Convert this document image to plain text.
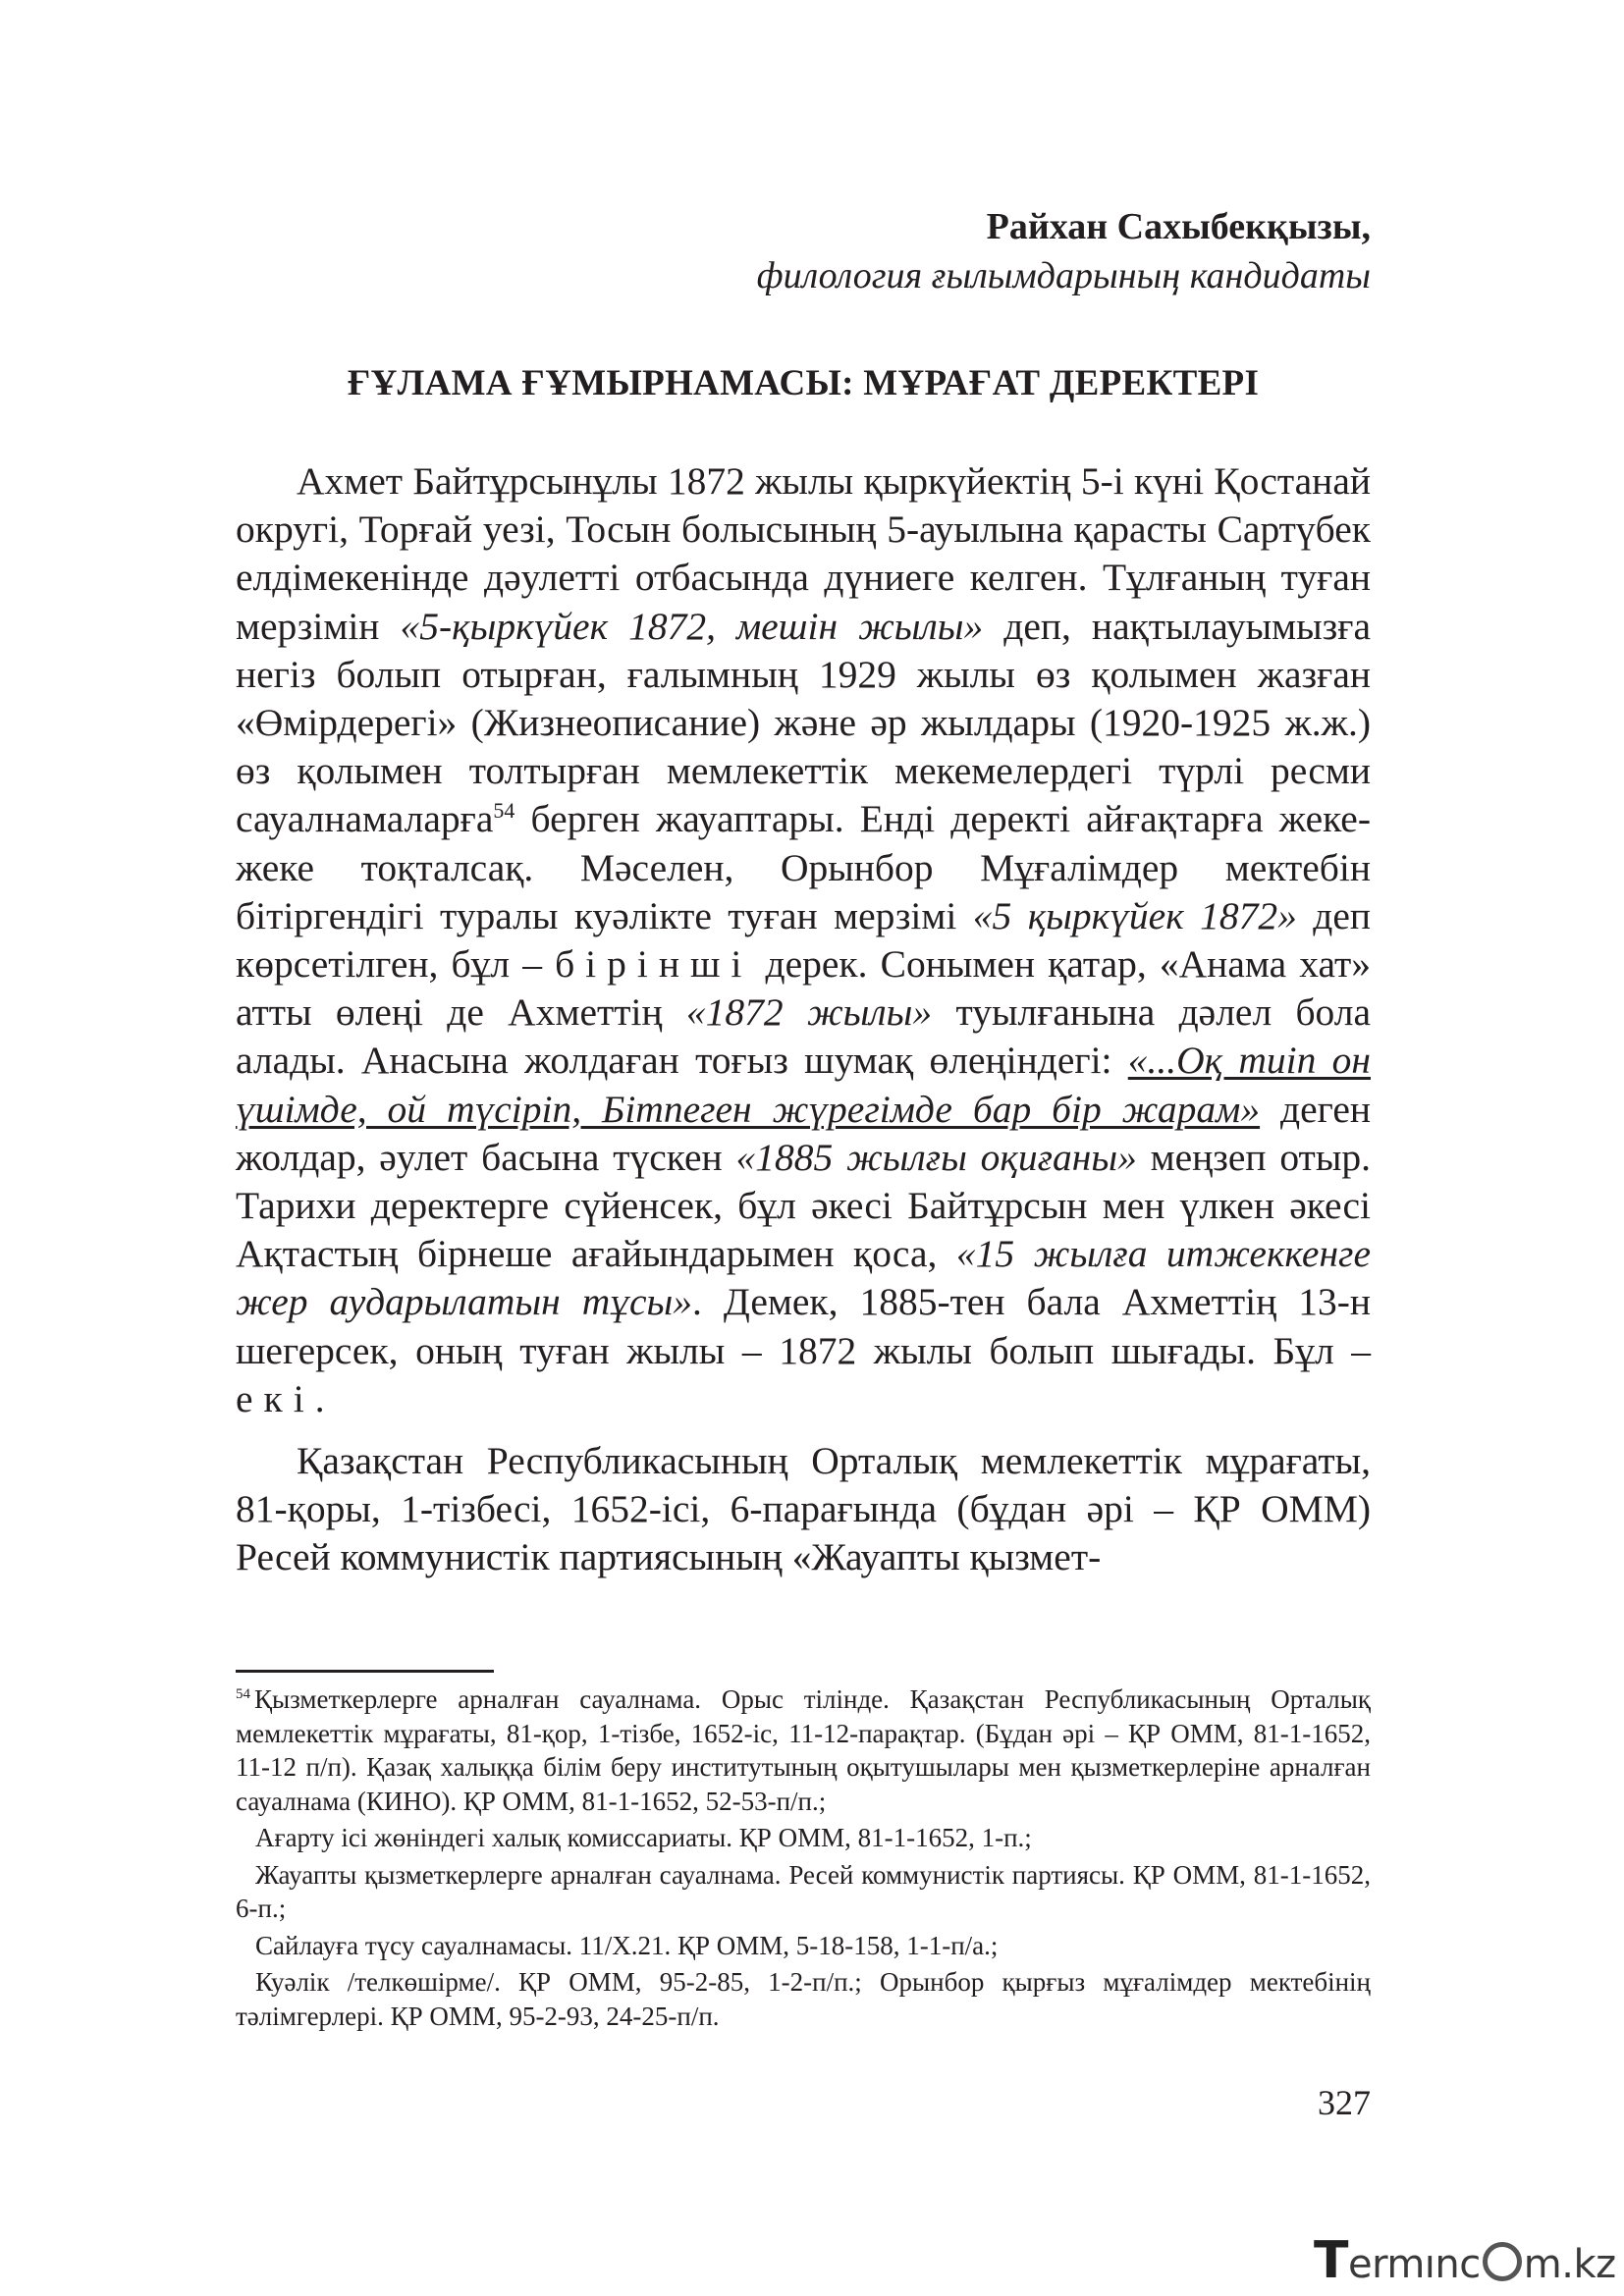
Райхан Сахыбекқызы,
филология ғылымдарының кандидаты
ҒҰЛАМА ҒҰМЫРНАМАСЫ: МҰРАҒАТ ДЕРЕКТЕРІ

Ахмет Байтұрсынұлы 1872 жылы қыркүйектің 5-і күні Қостанай округі, Торғай уезі, Тосын болысының 5-ауылына қарасты Сартүбек елдімекенінде дәулетті отбасында дүниеге келген. Тұлғаның туған мерзімін «5-қыркүйек 1872, мешін жылы» деп, нақтылауымызға негіз болып отырған, ғалымның 1929 жылы өз қолымен жазған «Өмірдерегі» (Жизнеописание) және әр жылдары (1920-1925 ж.ж.) өз қолымен толтырған мемлекеттік мекемелердегі түрлі ресми сауалнамаларға$^{54}$ берген жауаптары. Енді деректі айғақтарға жеке-жеке тоқталсақ. Мәселен, Орынбор Мұғалімдер мектебін бітіргендігі туралы куәлікте туған мерзімі «5 қыркүйек 1872» деп көрсетілген, бұл – бірінші дерек. Сонымен қатар, «Анама хат» атты өлеңі де Ахметтің «1872 жылы» туылғанына дәлел бола алады. Анасына жолдаған тоғыз шумақ өлеңіндегі: «...Оқ тиіп он үшімде, ой түсіріп, Бітпеген жүрегімде бар бір жарам» деген жолдар, әулет басына түскен «1885 жылғы оқиғаны» меңзеп отыр. Тарихи деректерге сүйенсек, бұл әкесі Байтұрсын мен үлкен әкесі Ақтастың бірнеше ағайындарымен қоса, «15 жылға итжеккенге жер аударылатын тұсы». Демек, 1885-тен бала Ахметтің 13-н шегерсек, оның туған жылы – 1872 жылы болып шығады. Бұл – екі.

Қазақстан Республикасының Орталық мемлекеттік мұрағаты, 81-қоры, 1-тізбесі, 1652-ісі, 6-парағында (бұдан әрі – ҚР ОММ) Ресей коммунистік партиясының «Жауапты қызмет-

$^{54}$ Қызметкерлерге арналған сауалнама. Орыс тілінде. Қазақстан Республикасының Орталық мемлекеттік мұрағаты, 81-қор, 1-тізбе, 1652-іс, 11-12-парақтар. (Бұдан әрі – ҚР ОММ, 81-1-1652, 11-12 п/п). Қазақ халыққа білім беру институтының оқытушылары мен қызметкерлеріне арналған сауалнама (КИНО). ҚР ОММ, 81-1-1652, 52-53-п/п.;

Ағарту ісі жөніндегі халық комиссариаты. ҚР ОММ, 81-1-1652, 1-п.;

Жауапты қызметкерлерге арналған сауалнама. Ресей коммунистік партиясы. ҚР ОММ, 81-1-1652, 6-п.;

Сайлауға түсу сауалнамасы. 11/X.21. ҚР ОММ, 5-18-158, 1-1-п/а.;

Куәлік /телкөшірме/. ҚР ОММ, 95-2-85, 1-2-п/п.; Орынбор қырғыз мұғалімдер мектебінің тәлімгерлері. ҚР ОММ, 95-2-93, 24-25-п/п.

327
Termınc m.kz
